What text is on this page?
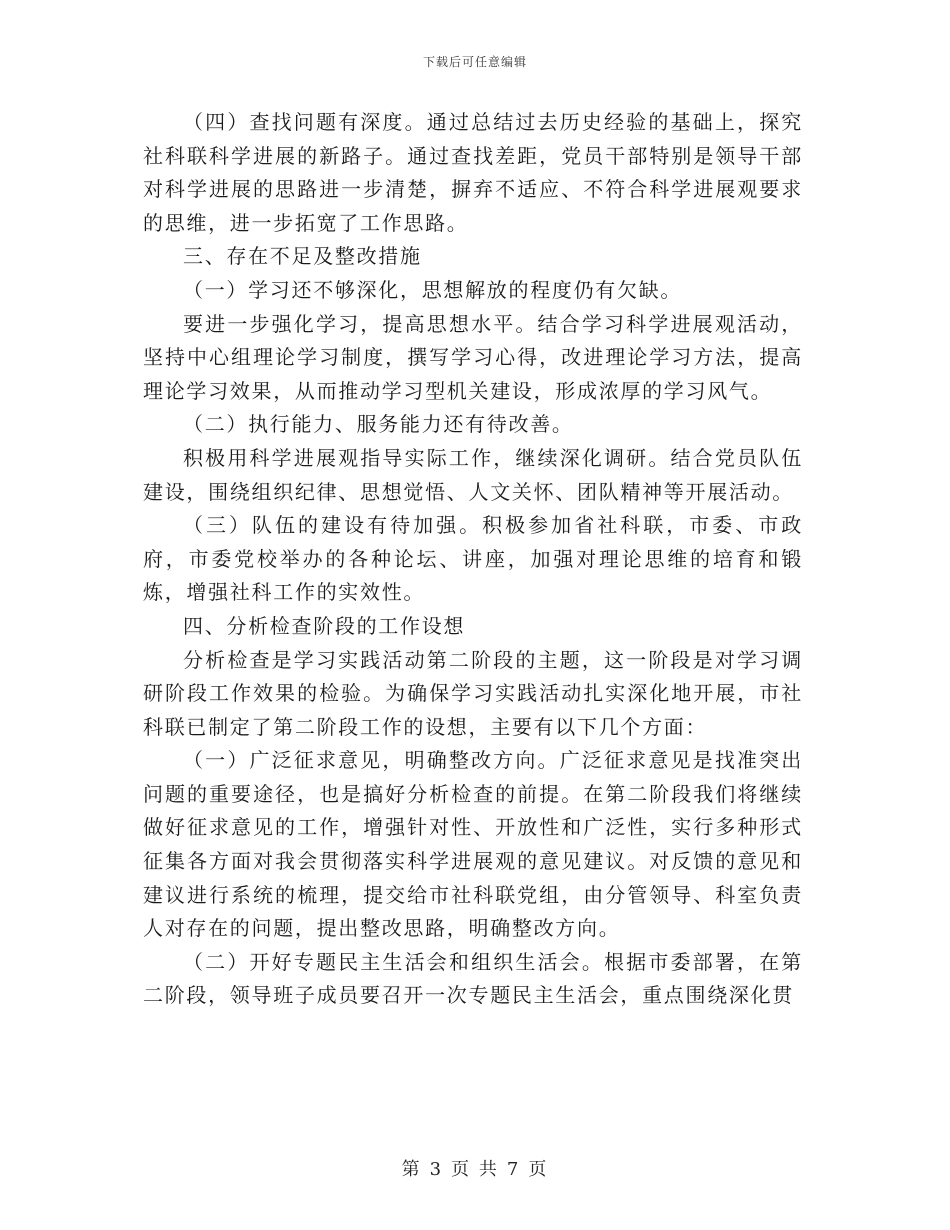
下载后可任意编辑

（四）查找问题有深度。通过总结过去历史经验的基础上，探究社科联科学进展的新路子。通过查找差距，党员干部特别是领导干部对科学进展的思路进一步清楚，摒弃不适应、不符合科学进展观要求的思维，进一步拓宽了工作思路。

三、存在不足及整改措施

（一）学习还不够深化，思想解放的程度仍有欠缺。

要进一步强化学习，提高思想水平。结合学习科学进展观活动，坚持中心组理论学习制度，撰写学习心得，改进理论学习方法，提高理论学习效果，从而推动学习型机关建设，形成浓厚的学习风气。

（二）执行能力、服务能力还有待改善。

积极用科学进展观指导实际工作，继续深化调研。结合党员队伍建设，围绕组织纪律、思想觉悟、人文关怀、团队精神等开展活动。

（三）队伍的建设有待加强。积极参加省社科联，市委、市政府，市委党校举办的各种论坛、讲座，加强对理论思维的培育和锻炼，增强社科工作的实效性。

四、分析检查阶段的工作设想

分析检查是学习实践活动第二阶段的主题，这一阶段是对学习调研阶段工作效果的检验。为确保学习实践活动扎实深化地开展，市社科联已制定了第二阶段工作的设想，主要有以下几个方面：

（一）广泛征求意见，明确整改方向。广泛征求意见是找准突出问题的重要途径，也是搞好分析检查的前提。在第二阶段我们将继续做好征求意见的工作，增强针对性、开放性和广泛性，实行多种形式征集各方面对我会贯彻落实科学进展观的意见建议。对反馈的意见和建议进行系统的梳理，提交给市社科联党组，由分管领导、科室负责人对存在的问题，提出整改思路，明确整改方向。

（二）开好专题民主生活会和组织生活会。根据市委部署，在第二阶段，领导班子成员要召开一次专题民主生活会，重点围绕深化贯

第 3 页 共 7 页
